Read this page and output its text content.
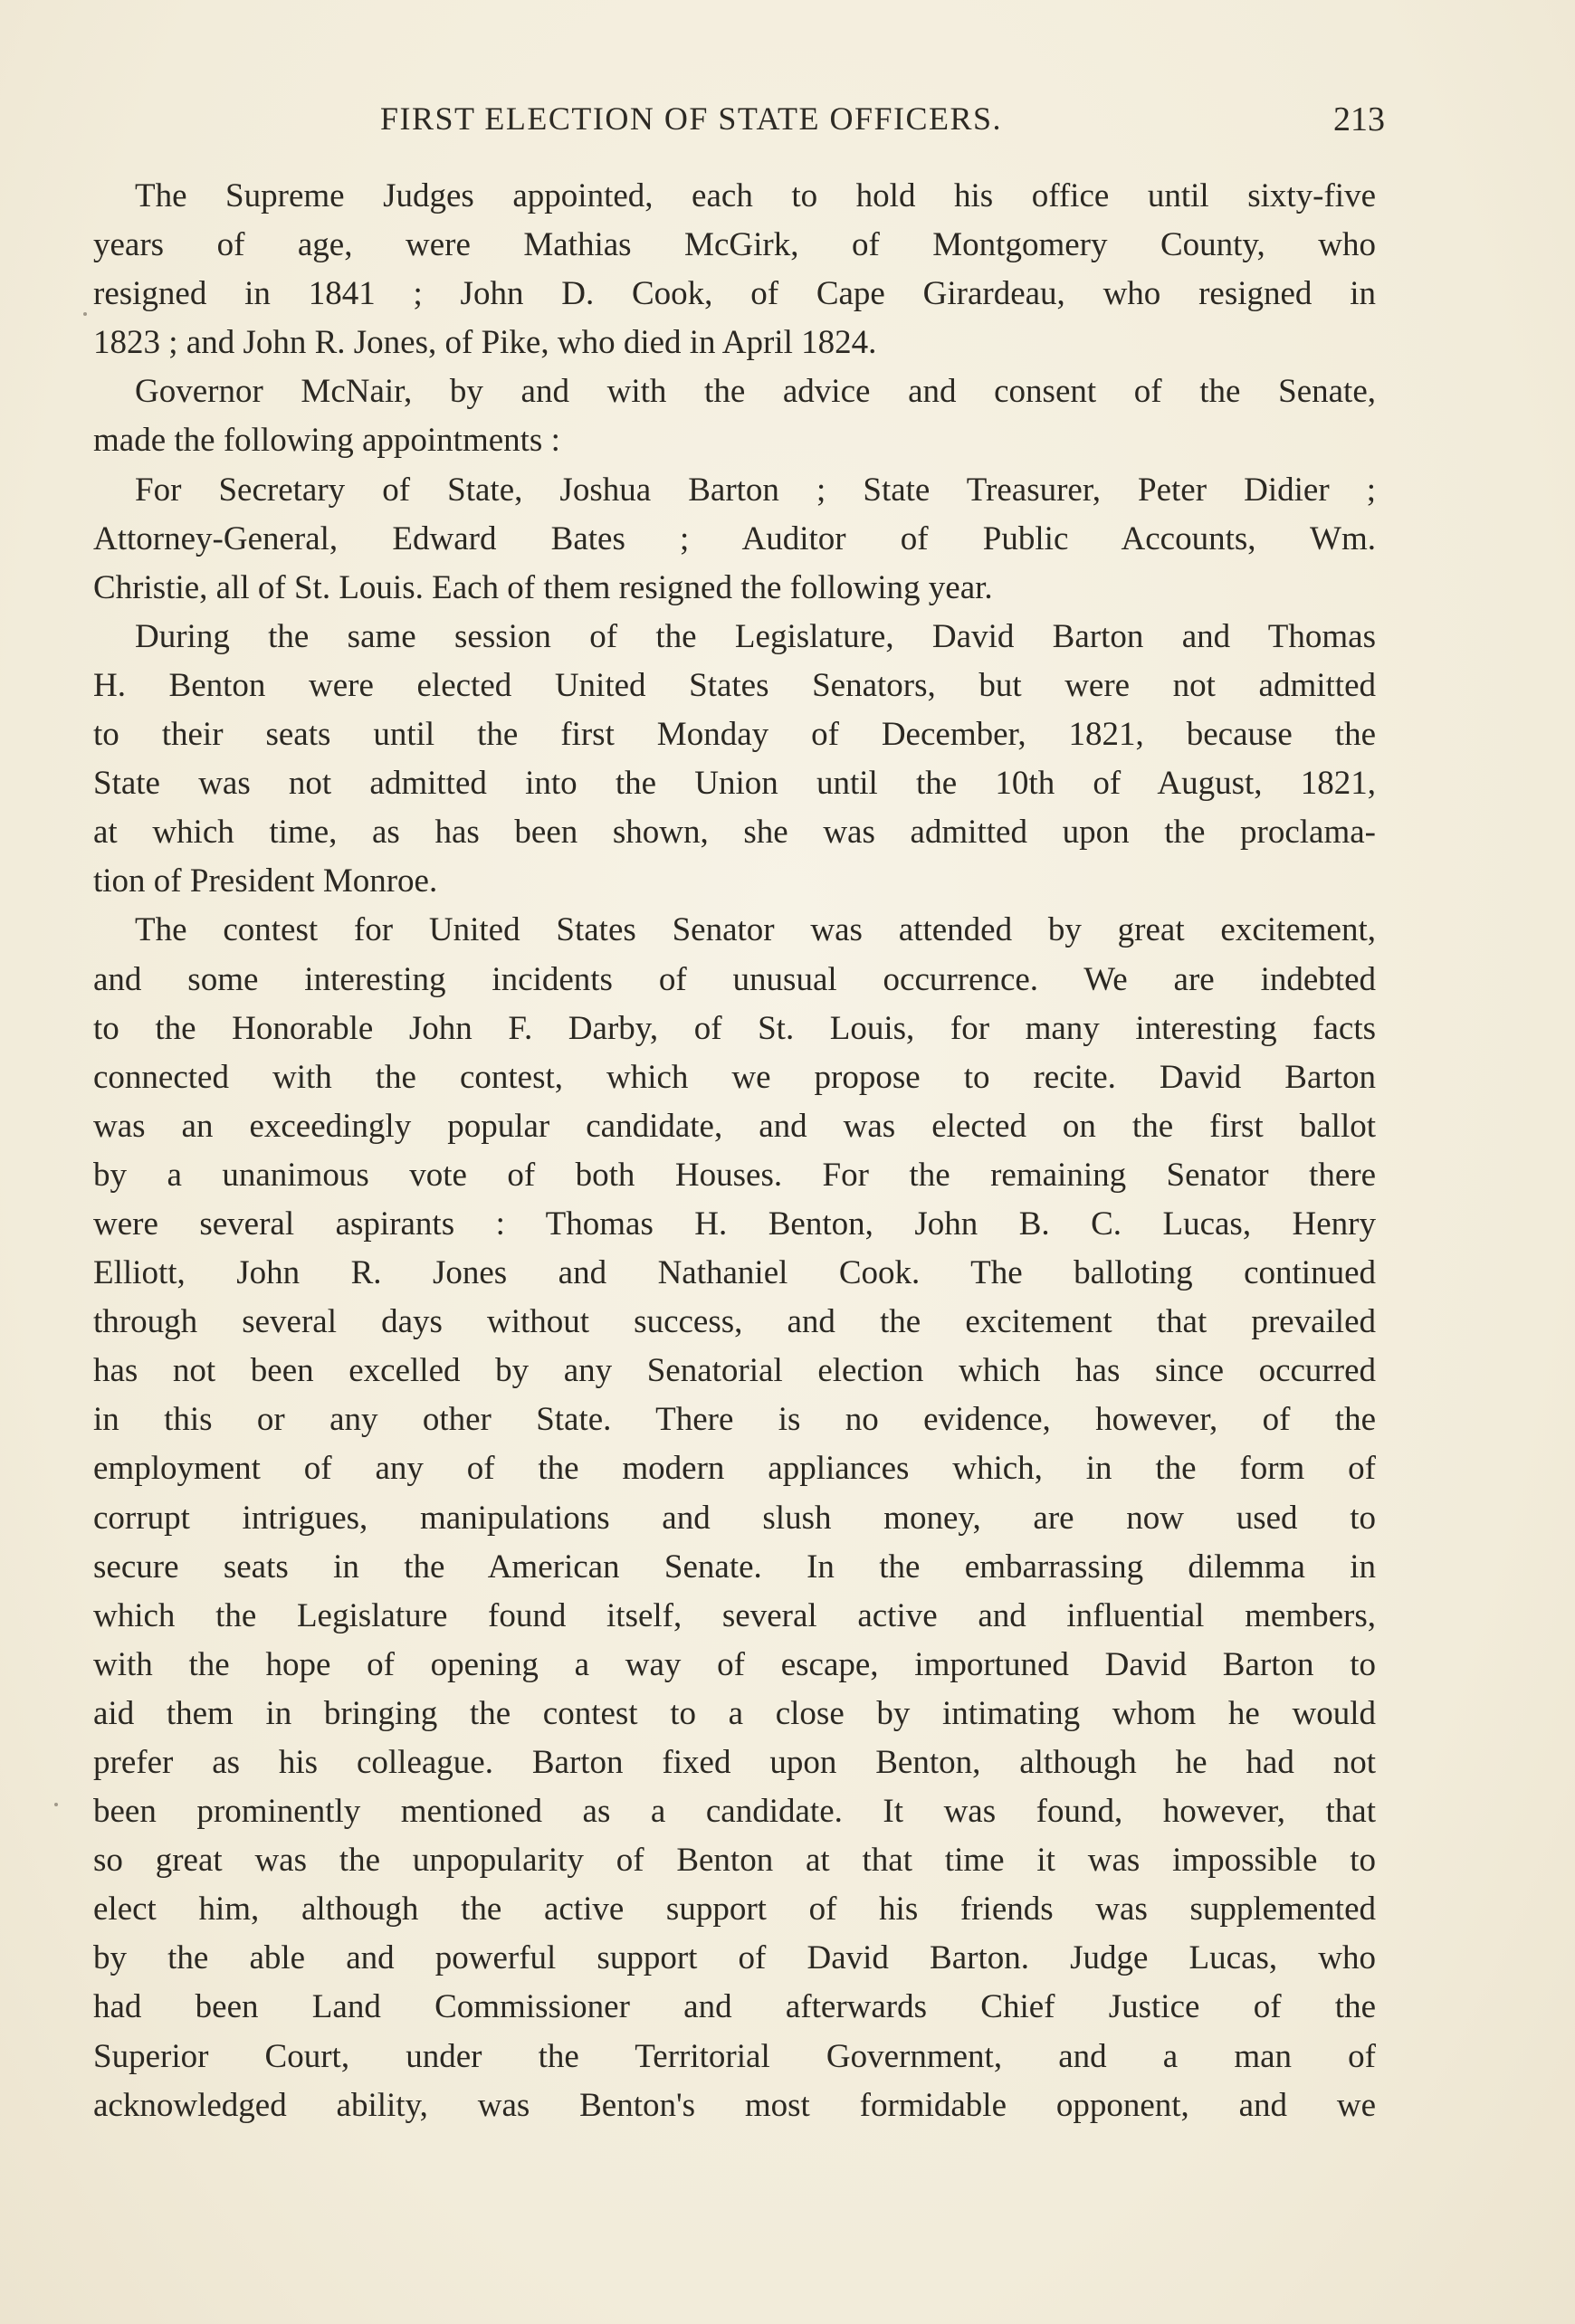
FIRST ELECTION OF STATE OFFICERS.	213

The Supreme Judges appointed, each to hold his office until sixty-five
years of age, were Mathias McGirk, of Montgomery County, who
resigned in 1841 ; John D. Cook, of Cape Girardeau, who resigned in
1823 ; and John R. Jones, of Pike, who died in April 1824.

Governor McNair, by and with the advice and consent of the Senate,
made the following appointments :

For Secretary of State, Joshua Barton ; State Treasurer, Peter Didier ;
Attorney-General, Edward Bates ; Auditor of Public Accounts, Wm.
Christie, all of St. Louis. Each of them resigned the following year.

During the same session of the Legislature, David Barton and Thomas
H. Benton were elected United States Senators, but were not admitted
to their seats until the first Monday of December, 1821, because the
State was not admitted into the Union until the 10th of August, 1821,
at which time, as has been shown, she was admitted upon the proclama-
tion of President Monroe.

The contest for United States Senator was attended by great excitement,
and some interesting incidents of unusual occurrence. We are indebted
to the Honorable John F. Darby, of St. Louis, for many interesting facts
connected with the contest, which we propose to recite. David Barton
was an exceedingly popular candidate, and was elected on the first ballot
by a unanimous vote of both Houses. For the remaining Senator there
were several aspirants : Thomas H. Benton, John B. C. Lucas, Henry
Elliott, John R. Jones and Nathaniel Cook. The balloting continued
through several days without success, and the excitement that prevailed
has not been excelled by any Senatorial election which has since occurred
in this or any other State. There is no evidence, however, of the
employment of any of the modern appliances which, in the form of
corrupt intrigues, manipulations and slush money, are now used to
secure seats in the American Senate. In the embarrassing dilemma in
which the Legislature found itself, several active and influential members,
with the hope of opening a way of escape, importuned David Barton to
aid them in bringing the contest to a close by intimating whom he would
prefer as his colleague. Barton fixed upon Benton, although he had not
been prominently mentioned as a candidate. It was found, however, that
so great was the unpopularity of Benton at that time it was impossible to
elect him, although the active support of his friends was supplemented
by the able and powerful support of David Barton. Judge Lucas, who
had been Land Commissioner and afterwards Chief Justice of the
Superior Court, under the Territorial Government, and a man of
acknowledged ability, was Benton's most formidable opponent, and we
